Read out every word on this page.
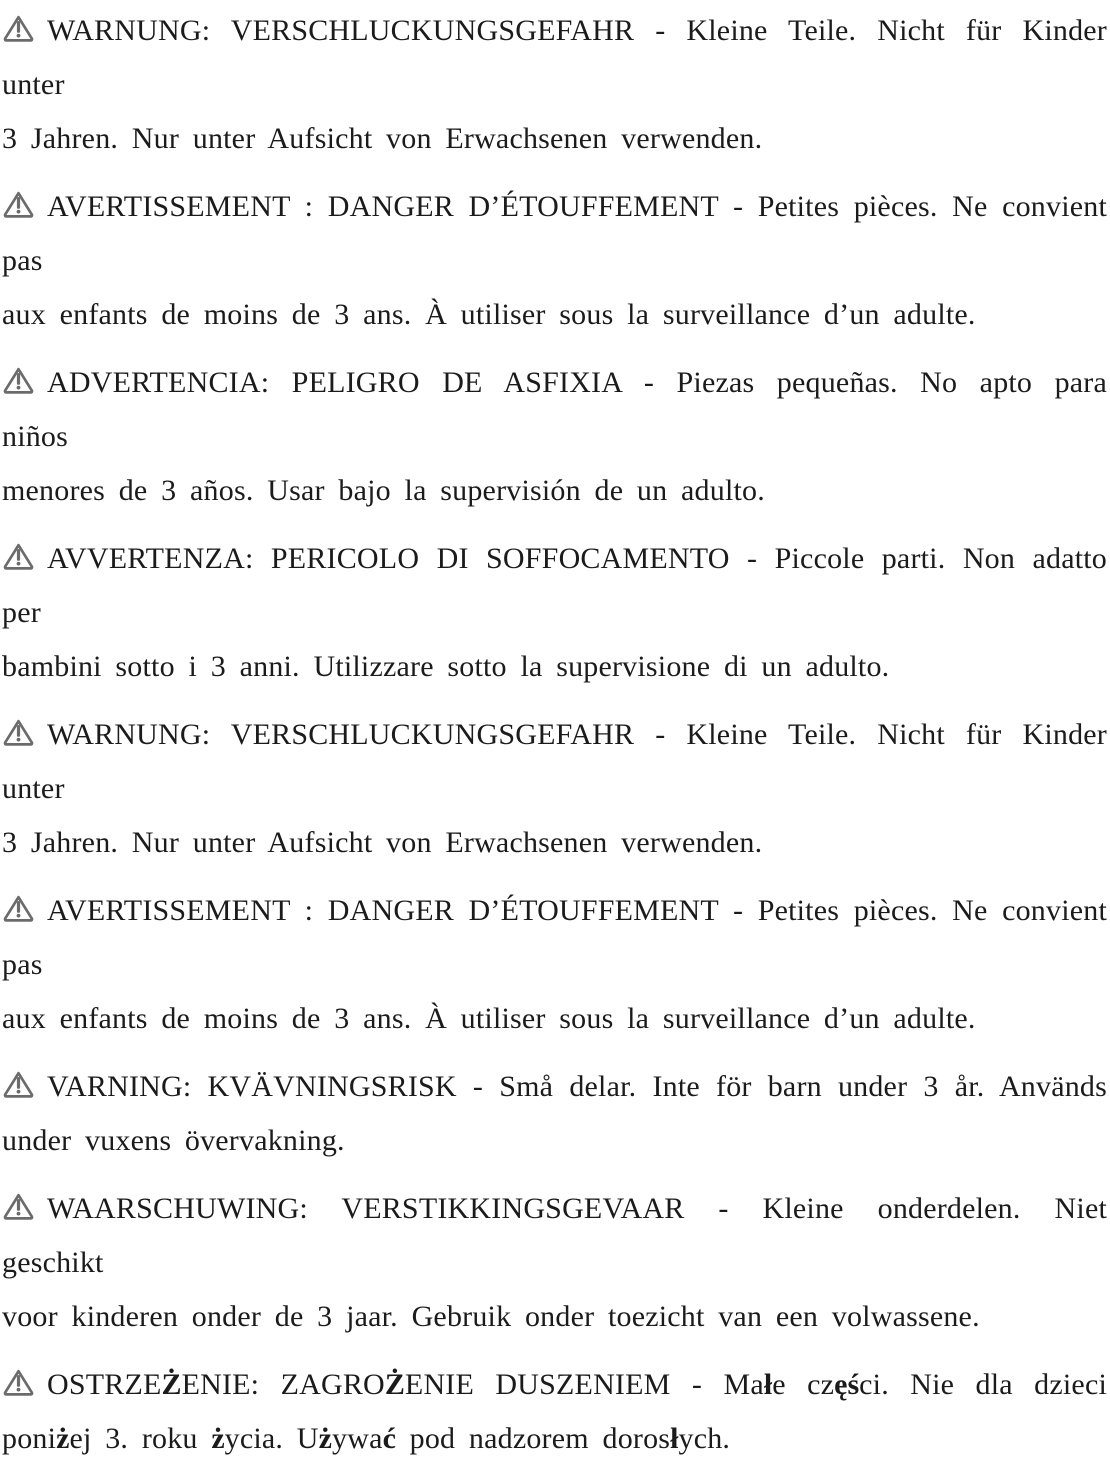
WARNUNG: VERSCHLUCKUNGSGEFAHR - Kleine Teile. Nicht für Kinder unter
3 Jahren. Nur unter Aufsicht von Erwachsenen verwenden.
AVERTISSEMENT : DANGER D’ÉTOUFFEMENT - Petites pièces. Ne convient pas
aux enfants de moins de 3 ans. À utiliser sous la surveillance d’un adulte.
ADVERTENCIA: PELIGRO DE ASFIXIA - Piezas pequeñas. No apto para niños
menores de 3 años. Usar bajo la supervisión de un adulto.
AVVERTENZA: PERICOLO DI SOFFOCAMENTO - Piccole parti. Non adatto per
bambini sotto i 3 anni. Utilizzare sotto la supervisione di un adulto.
WARNUNG: VERSCHLUCKUNGSGEFAHR - Kleine Teile. Nicht für Kinder unter
3 Jahren. Nur unter Aufsicht von Erwachsenen verwenden.
AVERTISSEMENT : DANGER D’ÉTOUFFEMENT - Petites pièces. Ne convient pas
aux enfants de moins de 3 ans. À utiliser sous la surveillance d’un adulte.
VARNING: KVÄVNINGSRISK - Små delar. Inte för barn under 3 år. Används
under vuxens övervakning.
WAARSCHUWING: VERSTIKKINGSGEVAAR - Kleine onderdelen. Niet geschikt
voor kinderen onder de 3 jaar. Gebruik onder toezicht van een volwassene.
OSTRZEŻENIE: ZAGROŻENIE DUSZENIEM - Małe części. Nie dla dzieci
poniżej 3. roku życia. Używać pod nadzorem dorosłych.
